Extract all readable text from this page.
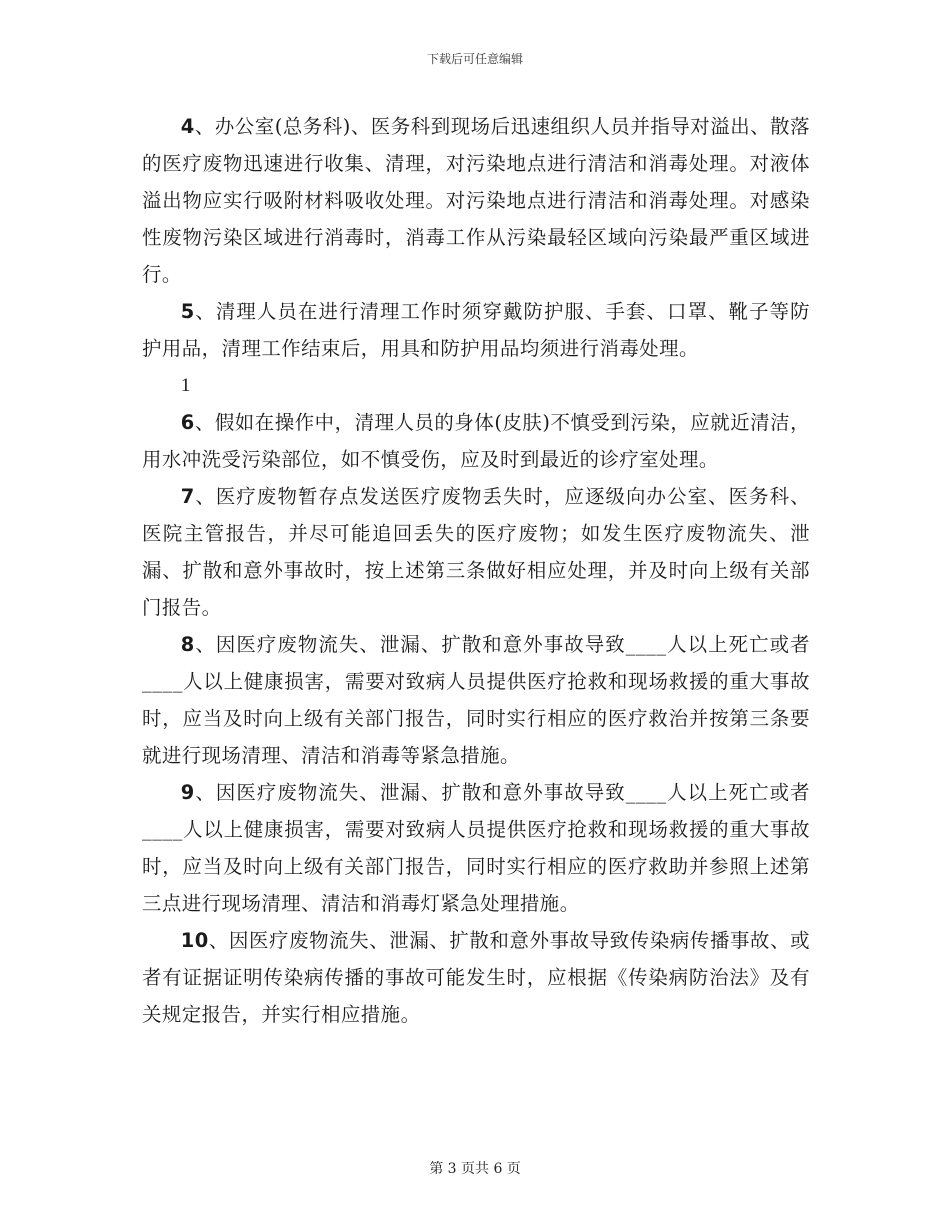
下载后可任意编辑

4、办公室(总务科)、医务科到现场后迅速组织人员并指导对溢出、散落的医疗废物迅速进行收集、清理，对污染地点进行清洁和消毒处理。对液体溢出物应实行吸附材料吸收处理。对污染地点进行清洁和消毒处理。对感染性废物污染区域进行消毒时，消毒工作从污染最轻区域向污染最严重区域进行。

5、清理人员在进行清理工作时须穿戴防护服、手套、口罩、靴子等防护用品，清理工作结束后，用具和防护用品均须进行消毒处理。

1

6、假如在操作中，清理人员的身体(皮肤)不慎受到污染，应就近清洁，用水冲洗受污染部位，如不慎受伤，应及时到最近的诊疗室处理。

7、医疗废物暂存点发送医疗废物丢失时，应逐级向办公室、医务科、医院主管报告，并尽可能追回丢失的医疗废物；如发生医疗废物流失、泄漏、扩散和意外事故时，按上述第三条做好相应处理，并及时向上级有关部门报告。

8、因医疗废物流失、泄漏、扩散和意外事故导致____人以上死亡或者____人以上健康损害，需要对致病人员提供医疗抢救和现场救援的重大事故时，应当及时向上级有关部门报告，同时实行相应的医疗救治并按第三条要就进行现场清理、清洁和消毒等紧急措施。

9、因医疗废物流失、泄漏、扩散和意外事故导致____人以上死亡或者____人以上健康损害，需要对致病人员提供医疗抢救和现场救援的重大事故时，应当及时向上级有关部门报告，同时实行相应的医疗救助并参照上述第三点进行现场清理、清洁和消毒灯紧急处理措施。

10、因医疗废物流失、泄漏、扩散和意外事故导致传染病传播事故、或者有证据证明传染病传播的事故可能发生时，应根据《传染病防治法》及有关规定报告，并实行相应措施。

第 3 页共 6 页
